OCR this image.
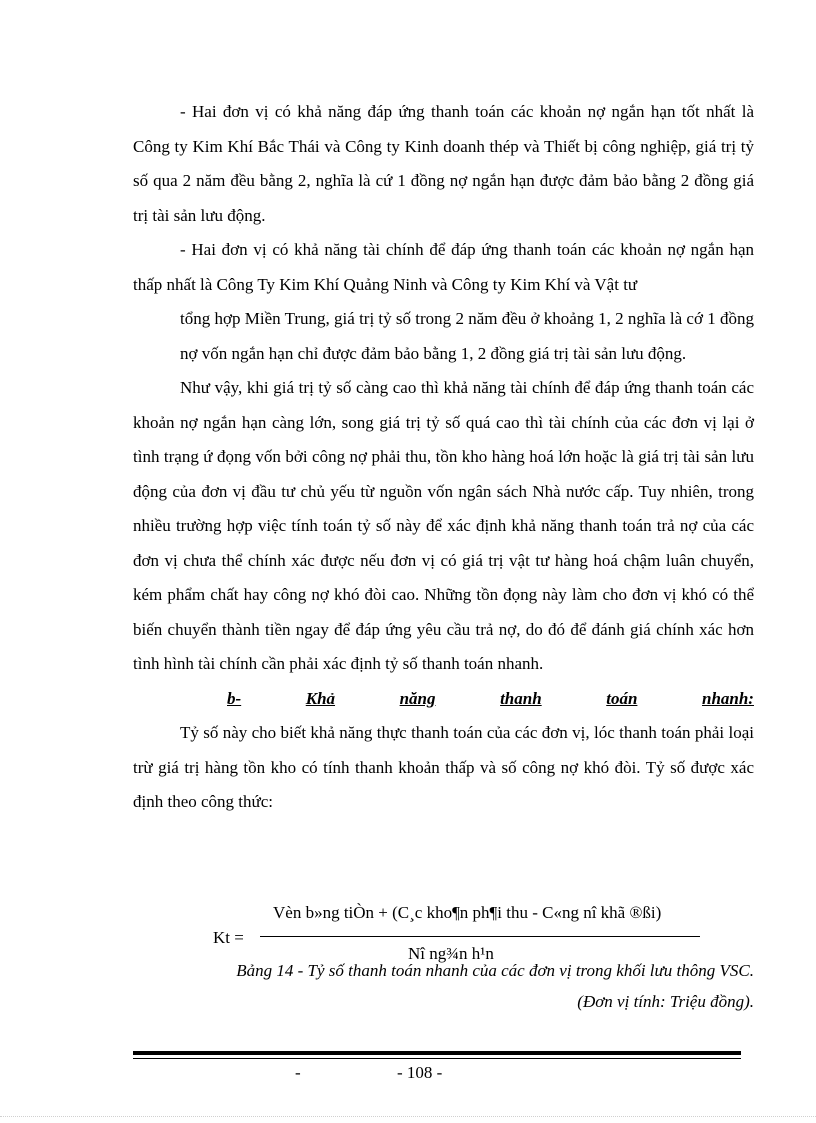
- Hai đơn vị có khả năng đáp ứng thanh toán các khoản nợ ngắn hạn tốt nhất là Công ty Kim Khí Bắc Thái và Công ty Kinh doanh thép và Thiết bị công nghiệp, giá trị tỷ số qua 2 năm đều bằng 2, nghĩa là cứ 1 đồng nợ ngắn hạn được đảm bảo bằng 2 đồng giá trị tài sản lưu động.

- Hai đơn vị có khả năng tài chính để đáp ứng thanh toán các khoản nợ ngắn hạn thấp nhất là Công Ty Kim Khí Quảng Ninh và Công ty Kim Khí và Vật tư

tổng hợp Miền Trung, giá trị tỷ số trong 2 năm đều ở khoảng 1, 2 nghĩa là cớ 1 đồng nợ vốn ngắn hạn chỉ được đảm bảo bằng 1, 2 đồng giá trị tài sản lưu động.

Như vậy, khi giá trị tỷ số càng cao thì khả năng tài chính để đáp ứng thanh toán các khoản nợ ngắn hạn càng lớn, song giá trị tỷ số quá cao thì tài chính của các đơn vị lại ở tình trạng ứ đọng vốn bởi công nợ phải thu, tồn kho hàng hoá lớn hoặc là giá trị tài sản lưu động của đơn vị đầu tư chủ yếu từ nguồn vốn ngân sách Nhà nước cấp. Tuy nhiên, trong nhiều trường hợp việc tính toán tỷ số này để xác định khả năng thanh toán trả nợ của các đơn vị chưa thể chính xác được nếu đơn vị có giá trị vật tư hàng hoá chậm luân chuyển, kém phẩm chất hay công nợ khó đòi cao. Những tồn đọng này làm cho đơn vị khó có thể biến chuyển thành tiền ngay để đáp ứng yêu cầu trả nợ, do đó để đánh giá chính xác hơn tình hình tài chính cần phải xác định tỷ số thanh toán nhanh.

b-	Khả	năng	thanh	toán	nhanh:

Tỷ số này cho biết khả năng thực thanh toán của các đơn vị, lóc thanh toán phải loại trừ giá trị hàng tồn kho có tính thanh khoản thấp và số công nợ khó đòi. Tỷ số được xác định theo công thức:

Kt =
Vèn b»ng tiÒn + (C¸c kho¶n ph¶i thu - C«ng nî khã ®ßi)
Nî ng¾n h¹n
Bảng 14 - Tỷ số thanh toán nhanh của các đơn vị trong khối lưu thông VSC.
(Đơn vị tính: Triệu đồng).
-	- 108 -
